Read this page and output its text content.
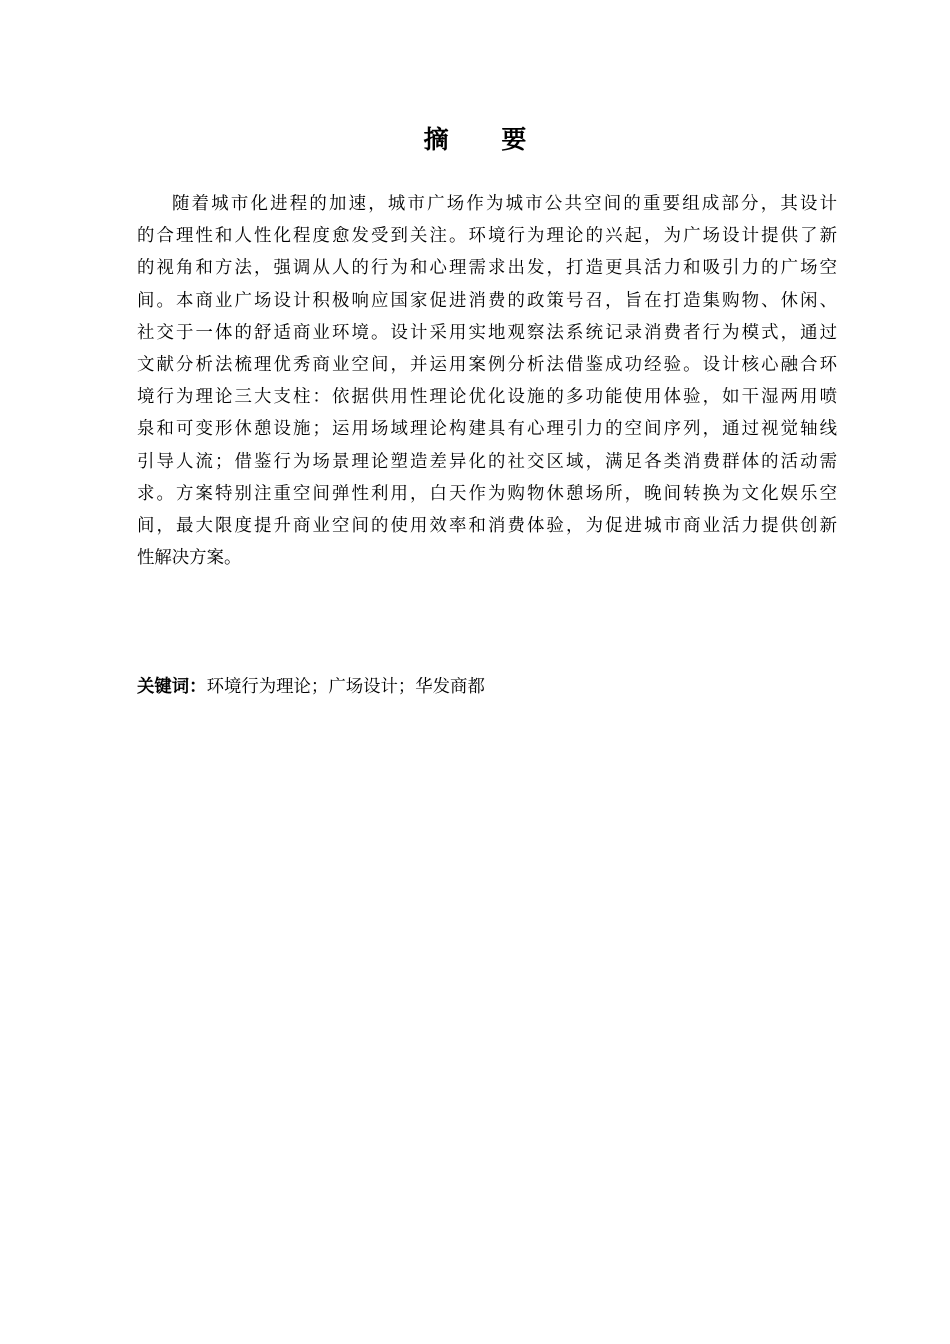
摘 要
随着城市化进程的加速，城市广场作为城市公共空间的重要组成部分，其设计
的合理性和人性化程度愈发受到关注。环境行为理论的兴起，为广场设计提供了新
的视角和方法，强调从人的行为和心理需求出发，打造更具活力和吸引力的广场空
间。本商业广场设计积极响应国家促进消费的政策号召，旨在打造集购物、休闲、
社交于一体的舒适商业环境。设计采用实地观察法系统记录消费者行为模式，通过
文献分析法梳理优秀商业空间，并运用案例分析法借鉴成功经验。设计核心融合环
境行为理论三大支柱：依据供用性理论优化设施的多功能使用体验，如干湿两用喷
泉和可变形休憩设施；运用场域理论构建具有心理引力的空间序列，通过视觉轴线
引导人流；借鉴行为场景理论塑造差异化的社交区域，满足各类消费群体的活动需
求。方案特别注重空间弹性利用，白天作为购物休憩场所，晚间转换为文化娱乐空
间，最大限度提升商业空间的使用效率和消费体验，为促进城市商业活力提供创新
性解决方案。
关键词：环境行为理论；广场设计；华发商都
